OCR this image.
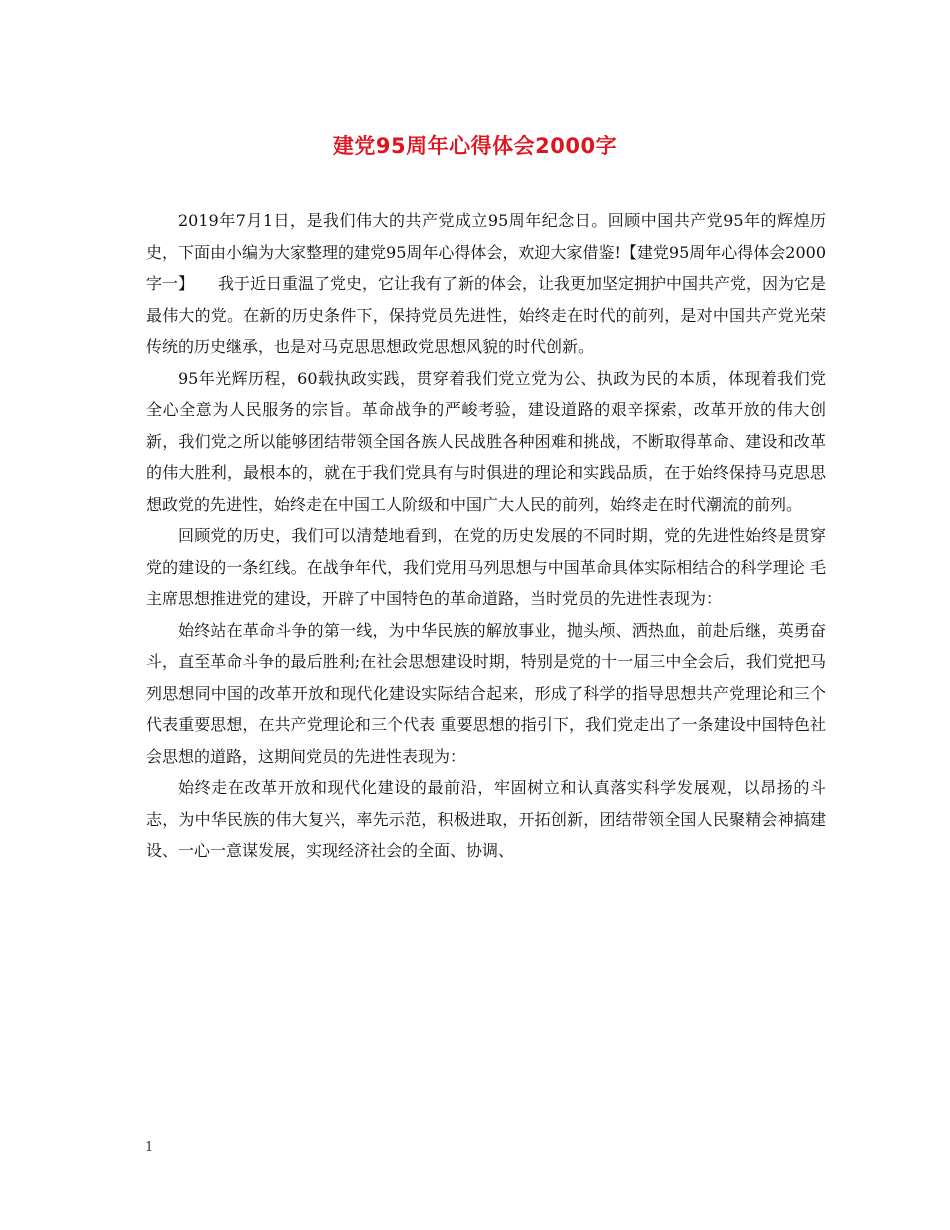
建党95周年心得体会2000字

2019年7月1日，是我们伟大的共产党成立95周年纪念日。回顾中国共产党95年的辉煌历史，下面由小编为大家整理的建党95周年心得体会，欢迎大家借鉴!【建党95周年心得体会2000字一】　　我于近日重温了党史，它让我有了新的体会，让我更加坚定拥护中国共产党，因为它是最伟大的党。在新的历史条件下，保持党员先进性，始终走在时代的前列，是对中国共产党光荣传统的历史继承，也是对马克思思想政党思想风貌的时代创新。

95年光辉历程，60载执政实践，贯穿着我们党立党为公、执政为民的本质，体现着我们党全心全意为人民服务的宗旨。革命战争的严峻考验，建设道路的艰辛探索，改革开放的伟大创新，我们党之所以能够团结带领全国各族人民战胜各种困难和挑战，不断取得革命、建设和改革的伟大胜利，最根本的，就在于我们党具有与时俱进的理论和实践品质，在于始终保持马克思思想政党的先进性，始终走在中国工人阶级和中国广大人民的前列，始终走在时代潮流的前列。

回顾党的历史，我们可以清楚地看到，在党的历史发展的不同时期，党的先进性始终是贯穿党的建设的一条红线。在战争年代，我们党用马列思想与中国革命具体实际相结合的科学理论 毛主席思想推进党的建设，开辟了中国特色的革命道路，当时党员的先进性表现为：

始终站在革命斗争的第一线，为中华民族的解放事业，抛头颅、洒热血，前赴后继，英勇奋斗，直至革命斗争的最后胜利;在社会思想建设时期，特别是党的十一届三中全会后，我们党把马列思想同中国的改革开放和现代化建设实际结合起来，形成了科学的指导思想共产党理论和三个代表重要思想，在共产党理论和三个代表 重要思想的指引下，我们党走出了一条建设中国特色社会思想的道路，这期间党员的先进性表现为：

始终走在改革开放和现代化建设的最前沿，牢固树立和认真落实科学发展观，以昂扬的斗志，为中华民族的伟大复兴，率先示范，积极进取，开拓创新，团结带领全国人民聚精会神搞建设、一心一意谋发展，实现经济社会的全面、协调、

1
